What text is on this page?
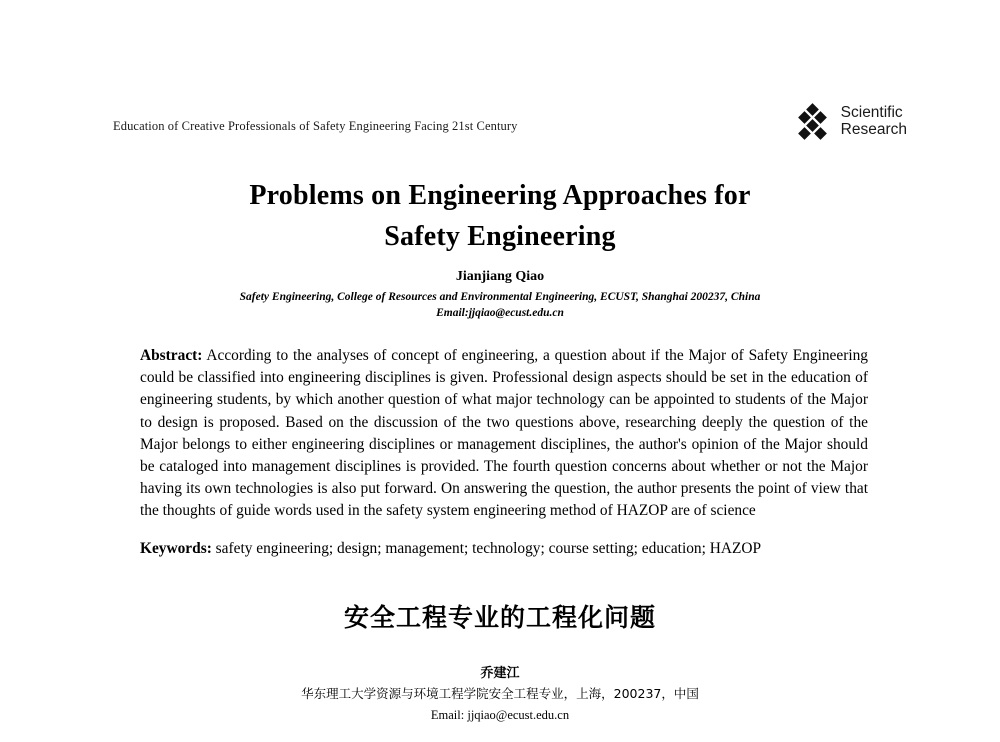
Education of Creative Professionals of Safety Engineering Facing 21st Century
Scientific
Research
Problems on Engineering Approaches for
Safety Engineering
Jianjiang Qiao
Safety Engineering, College of Resources and Environmental Engineering, ECUST, Shanghai 200237, China
Email:jjqiao@ecust.edu.cn
Abstract: According to the analyses of concept of engineering, a question about if the Major of Safety Engineering could be classified into engineering disciplines is given. Professional design aspects should be set in the education of engineering students, by which another question of what major technology can be appointed to students of the Major to design is proposed. Based on the discussion of the two questions above, researching deeply the question of the Major belongs to either engineering disciplines or management disciplines, the author's opinion of the Major should be cataloged into management disciplines is provided. The fourth question concerns about whether or not the Major having its own technologies is also put forward. On answering the question, the author presents the point of view that the thoughts of guide words used in the safety system engineering method of HAZOP are of science
Keywords: safety engineering; design; management; technology; course setting; education; HAZOP
安全工程专业的工程化问题
乔建江
华东理工大学资源与环境工程学院安全工程专业，上海，200237，中国
Email: jjqiao@ecust.edu.cn
